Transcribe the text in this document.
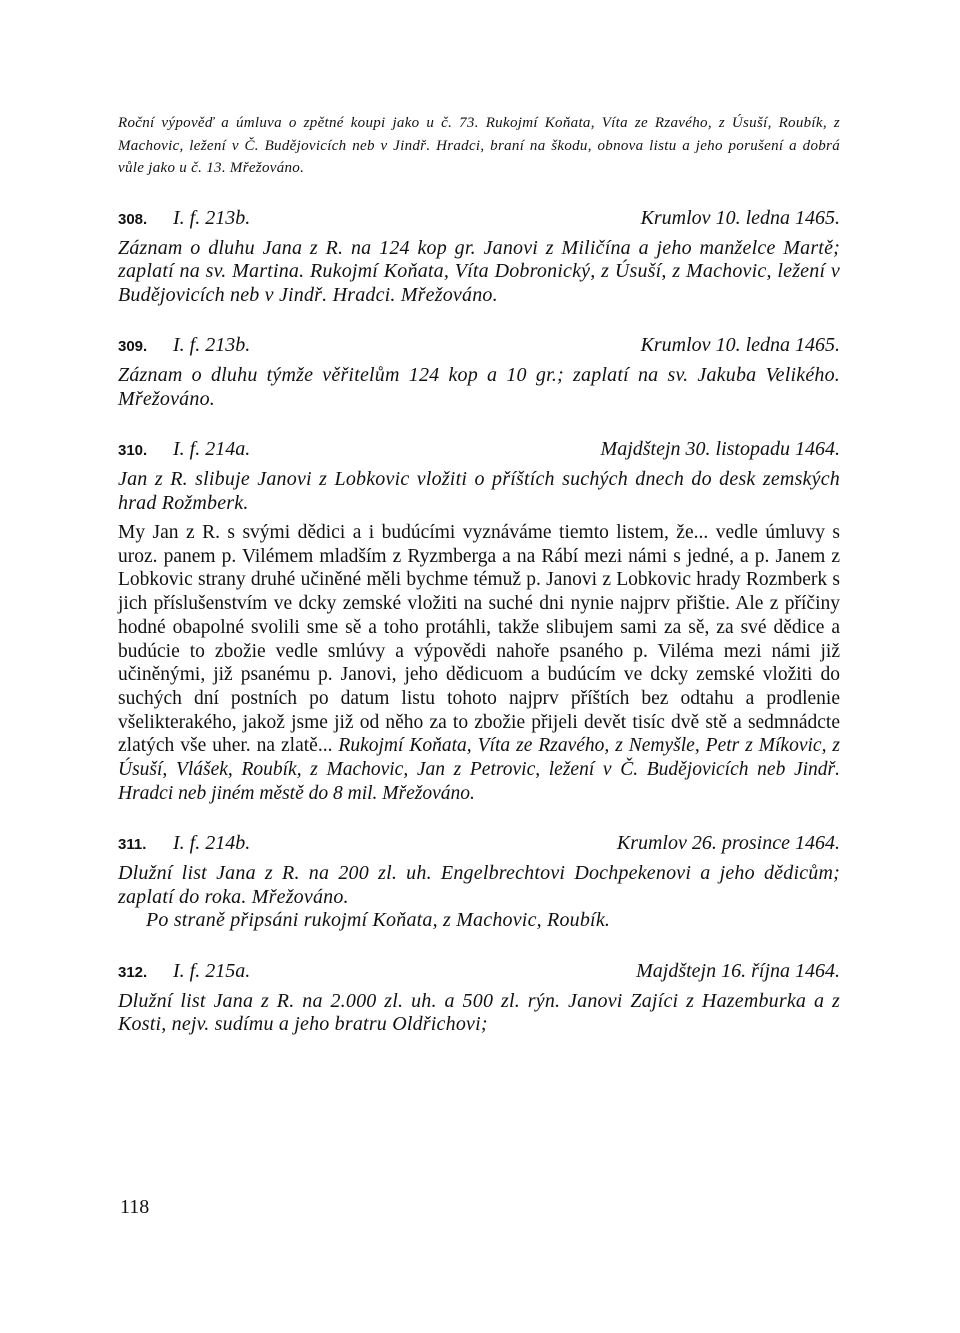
Roční výpověď a úmluva o zpětné koupi jako u č. 73. Rukojmí Koňata, Víta ze Rzavého, z Úsuší, Roubík, z Machovic, ležení v Č. Budějovicích neb v Jindř. Hradci, braní na škodu, obnova listu a jeho porušení a dobrá vůle jako u č. 13. Mřežováno.

308.	I. f. 213b.	Krumlov 10. ledna 1465.

Záznam o dluhu Jana z R. na 124 kop gr. Janovi z Miličína a jeho manželce Martě; zaplatí na sv. Martina. Rukojmí Koňata, Víta Dobronický, z Úsuší, z Machovic, ležení v Budějovicích neb v Jindř. Hradci. Mřežováno.

309.	I. f. 213b.	Krumlov 10. ledna 1465.

Záznam o dluhu týmže věřitelům 124 kop a 10 gr.; zaplatí na sv. Jakuba Velikého. Mřežováno.

310.	I. f. 214a.	Majdštejn 30. listopadu 1464.

Jan z R. slibuje Janovi z Lobkovic vložiti o příštích suchých dnech do desk zemských hrad Rožmberk.

My Jan z R. s svými dědici a i budúcími vyznáváme tiemto listem, že... vedle úmluvy s uroz. panem p. Vilémem mladším z Ryzmberga a na Rábí mezi námi s jedné, a p. Janem z Lobkovic strany druhé učiněné měli bychme témuž p. Janovi z Lobkovic hrady Rozmberk s jich příslušenstvím ve dcky zemské vložiti na suché dni nynie najprv přištie. Ale z příčiny hodné obapolné svolili sme sě a toho protáhli, takže slibujem sami za sě, za své dědice a budúcie to zbožie vedle smlúvy a výpovědi nahoře psaného p. Viléma mezi námi již učiněnými, již psanému p. Janovi, jeho dědicuom a budúcím ve dcky zemské vložiti do suchých dní postních po datum listu tohoto najprv příštích bez odtahu a prodlenie všelikterakého, jakož jsme již od něho za to zbožie přijeli devět tisíc dvě stě a sedmnádcte zlatých vše uher. na zlatě... Rukojmí Koňata, Víta ze Rzavého, z Nemyšle, Petr z Míkovic, z Úsuší, Vlášek, Roubík, z Machovic, Jan z Petrovic, ležení v Č. Budějovicích neb Jindř. Hradci neb jiném městě do 8 mil. Mřežováno.

311.	I. f. 214b.	Krumlov 26. prosince 1464.

Dlužní list Jana z R. na 200 zl. uh. Engelbrechtovi Dochpekenovi a jeho dědicům; zaplatí do roka. Mřežováno.

Po straně připsáni rukojmí Koňata, z Machovic, Roubík.

312.	I. f. 215a.	Majdštejn 16. října 1464.

Dlužní list Jana z R. na 2.000 zl. uh. a 500 zl. rýn. Janovi Zajíci z Hazemburka a z Kosti, nejv. sudímu a jeho bratru Oldřichovi;

118
